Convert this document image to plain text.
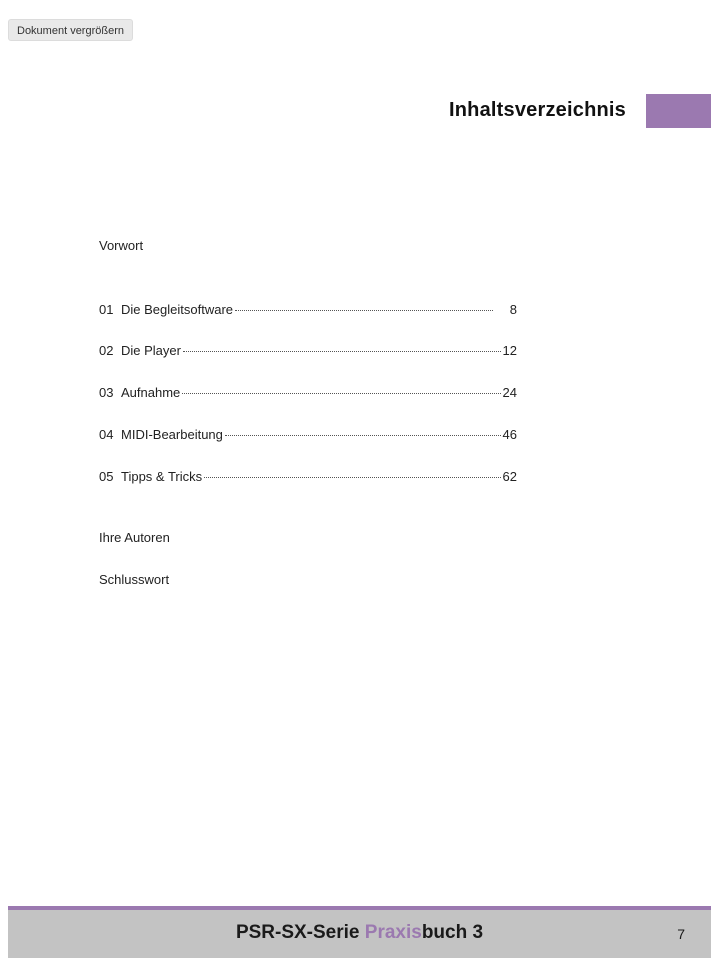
Dokument vergrößern
Inhaltsverzeichnis
Vorwort
01 Die Begleitsoftware	8
02 Die Player	12
03 Aufnahme	24
04 MIDI-Bearbeitung	46
05 Tipps & Tricks	62
Ihre Autoren
Schlusswort
PSR-SX-Serie Praxisbuch 3	7
